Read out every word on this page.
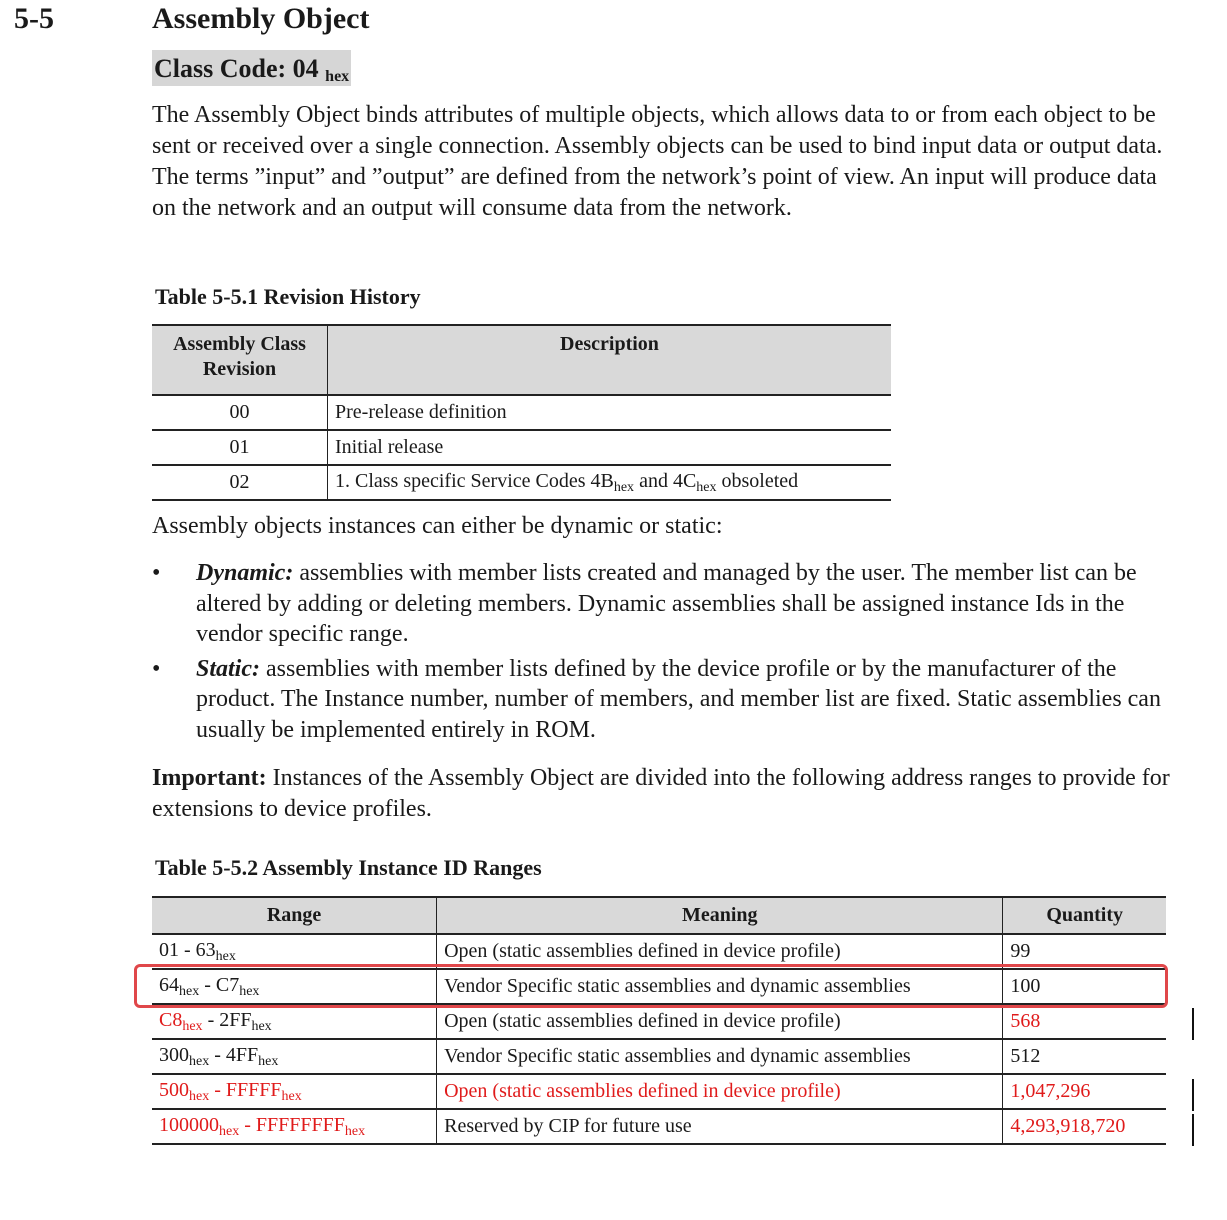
5-5	Assembly Object
Class Code: 04 $_{hex}$
The Assembly Object binds attributes of multiple objects, which allows data to or from each object to be sent or received over a single connection. Assembly objects can be used to bind input data or output data. The terms ”input” and ”output” are defined from the network’s point of view. An input will produce data on the network and an output will consume data from the network.
Table 5-5.1 Revision History
Assembly Class Revision	Description
00	Pre-release definition
01	Initial release
02	1. Class specific Service Codes $4B_{hex}$ and $4C_{hex}$ obsoleted
Assembly objects instances can either be dynamic or static:
• Dynamic: assemblies with member lists created and managed by the user. The member list can be altered by adding or deleting members. Dynamic assemblies shall be assigned instance Ids in the vendor specific range.
• Static: assemblies with member lists defined by the device profile or by the manufacturer of the product. The Instance number, number of members, and member list are fixed. Static assemblies can usually be implemented entirely in ROM.
Important: Instances of the Assembly Object are divided into the following address ranges to provide for extensions to device profiles.
Table 5-5.2 Assembly Instance ID Ranges
Range	Meaning	Quantity
$01 - 63_{hex}$	Open (static assemblies defined in device profile)	99
$64_{hex} - C7_{hex}$	Vendor Specific static assemblies and dynamic assemblies	100
$C8_{hex} - 2FF_{hex}$	Open (static assemblies defined in device profile)	568
$300_{hex} - 4FF_{hex}$	Vendor Specific static assemblies and dynamic assemblies	512
$500_{hex}$ - $FFFFF_{hex}$	Open (static assemblies defined in device profile)	1,047,296
$100000_{hex}$ - $FFFFFFFF_{hex}$	Reserved by CIP for future use	4,293,918,720
